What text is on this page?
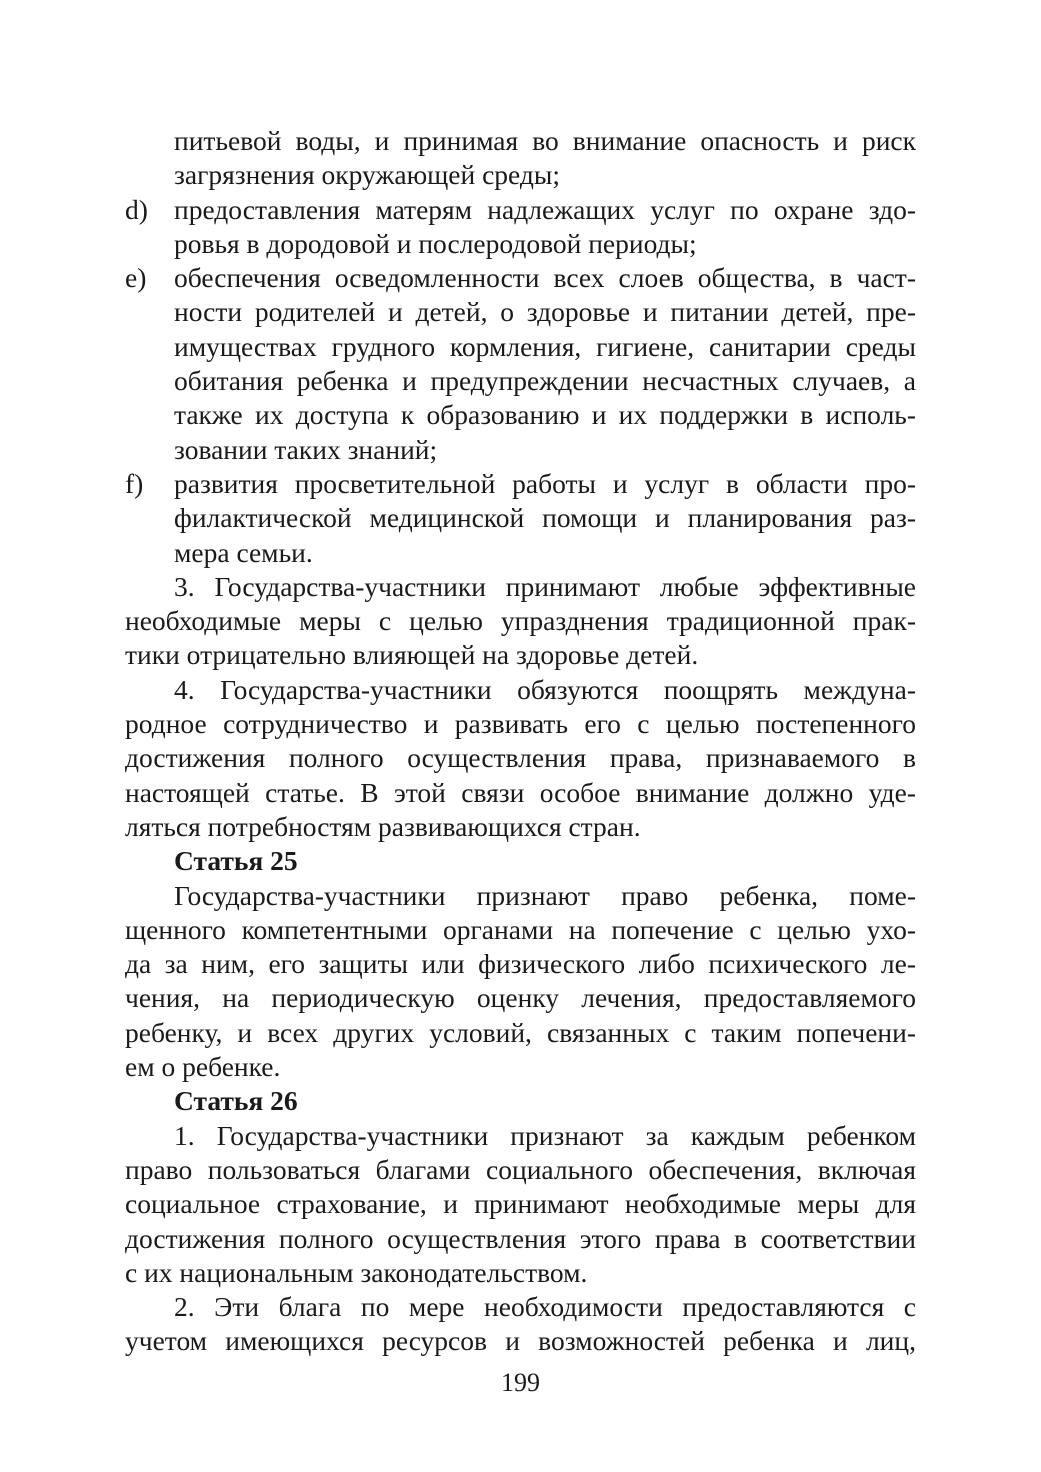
питьевой воды, и принимая во внимание опасность и риск
загрязнения окружающей среды;

d) предоставления матерям надлежащих услуг по охране здо-
ровья в дородовой и послеродовой периоды;

e) обеспечения осведомленности всех слоев общества, в част-
ности родителей и детей, о здоровье и питании детей, пре-
имуществах грудного кормления, гигиене, санитарии среды
обитания ребенка и предупреждении несчастных случаев, а
также их доступа к образованию и их поддержки в исполь-
зовании таких знаний;

f) развития просветительной работы и услуг в области про-
филактической медицинской помощи и планирования раз-
мера семьи.

3. Государства-участники принимают любые эффективные
необходимые меры с целью упразднения традиционной прак-
тики отрицательно влияющей на здоровье детей.

4. Государства-участники обязуются поощрять междуна-
родное сотрудничество и развивать его с целью постепенного
достижения полного осуществления права, признаваемого в
настоящей статье. В этой связи особое внимание должно уде-
ляться потребностям развивающихся стран.

Статья 25

Государства-участники признают право ребенка, поме-
щенного компетентными органами на попечение с целью ухо-
да за ним, его защиты или физического либо психического ле-
чения, на периодическую оценку лечения, предоставляемого
ребенку, и всех других условий, связанных с таким попечени-
ем о ребенке.

Статья 26

1. Государства-участники признают за каждым ребенком
право пользоваться благами социального обеспечения, включая
социальное страхование, и принимают необходимые меры для
достижения полного осуществления этого права в соответствии
с их национальным законодательством.

2. Эти блага по мере необходимости предоставляются с
учетом имеющихся ресурсов и возможностей ребенка и лиц,

199
